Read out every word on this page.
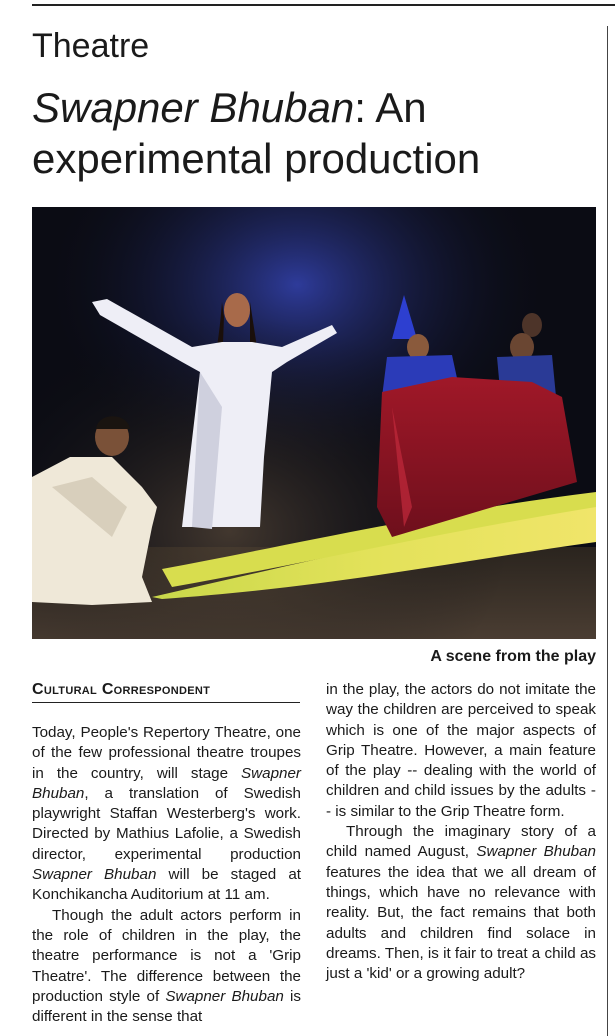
Theatre
Swapner Bhuban: An experimental production
A scene from the play
Cultural Correspondent

Today, People's Repertory Theatre, one of the few professional theatre troupes in the country, will stage Swapner Bhuban, a translation of Swedish playwright Staffan Westerberg's work. Directed by Mathius Lafolie, a Swedish director, experimental production Swapner Bhuban will be staged at Konchikancha Auditorium at 11 am.

Though the adult actors perform in the role of children in the play, the theatre performance is not a 'Grip Theatre'. The difference between the production style of Swapner Bhuban is different in the sense that

in the play, the actors do not imitate the way the children are perceived to speak which is one of the major aspects of Grip Theatre. However, a main feature of the play -- dealing with the world of children and child issues by the adults -- is similar to the Grip Theatre form.

Through the imaginary story of a child named August, Swapner Bhuban features the idea that we all dream of things, which have no relevance with reality. But, the fact remains that both adults and children find solace in dreams. Then, is it fair to treat a child as just a 'kid' or a growing adult?
